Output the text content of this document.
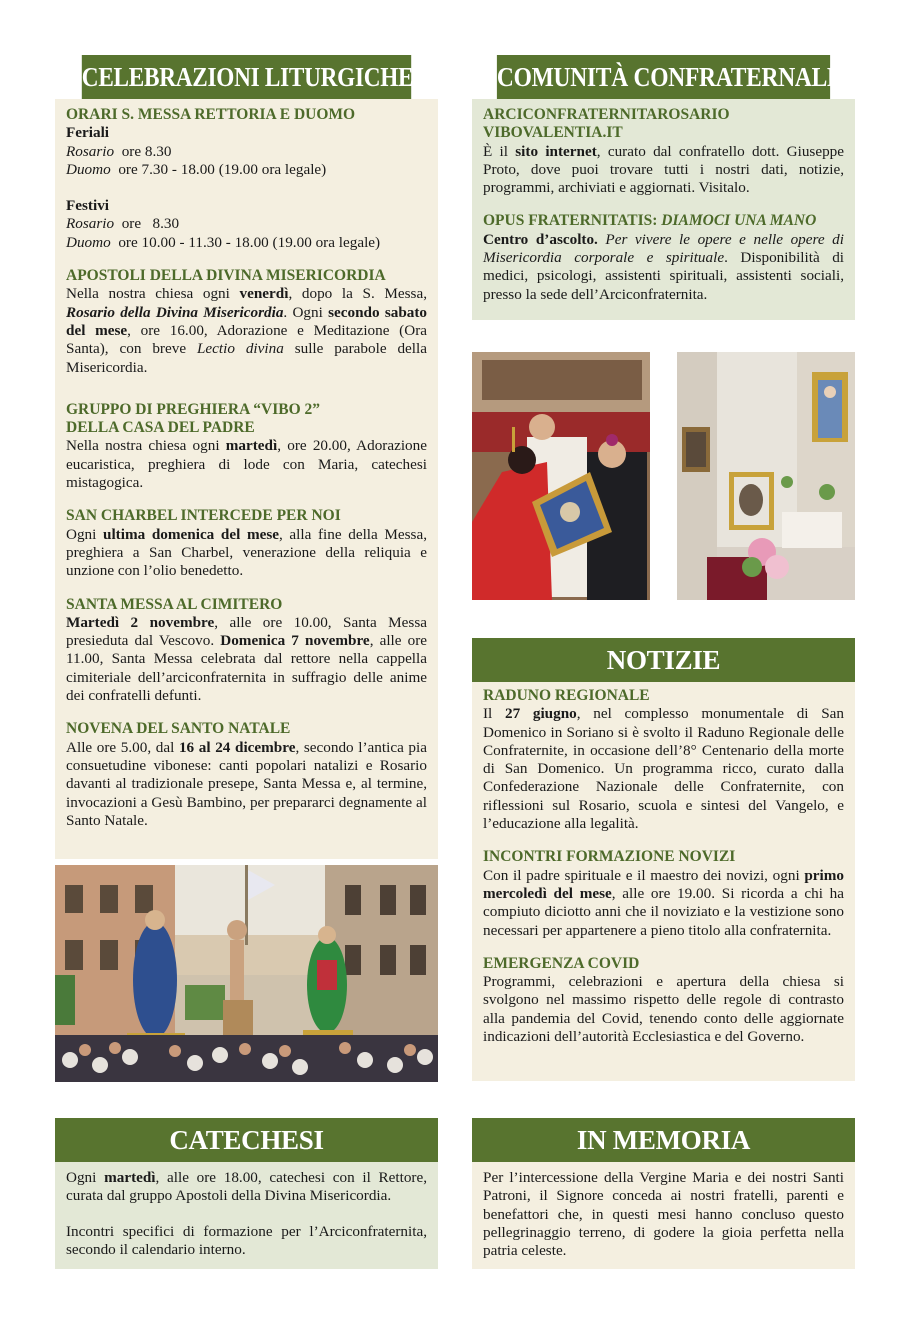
CELEBRAZIONI LITURGICHE
ORARI S. MESSA RETTORIA E DUOMO
Feriali
Rosario ore 8.30
Duomo ore 7.30 - 18.00 (19.00 ora legale)
Festivi
Rosario ore   8.30
Duomo ore 10.00 - 11.30 - 18.00 (19.00 ora legale)
APOSTOLI DELLA DIVINA MISERICORDIA
Nella nostra chiesa ogni venerdì, dopo la S. Messa, Rosario della Divina Misericordia. Ogni secondo sabato del mese, ore 16.00, Adorazione e Meditazione (Ora Santa), con breve Lectio divina sulle parabole della Misericordia.
GRUPPO DI PREGHIERA “VIBO 2”
DELLA CASA DEL PADRE
Nella nostra chiesa ogni martedì, ore 20.00, Adorazione eucaristica, preghiera di lode con Maria, catechesi mistagogica.
SAN CHARBEL INTERCEDE PER NOI
Ogni ultima domenica del mese, alla fine della Messa, preghiera a San Charbel, venerazione della reliquia e unzione con l’olio benedetto.
SANTA MESSA AL CIMITERO
Martedì 2 novembre, alle ore 10.00, Santa Messa presieduta dal Vescovo. Domenica 7 novembre, alle ore 11.00, Santa Messa celebrata dal rettore nella cappella cimiteriale dell’arciconfraternita in suffragio delle anime dei confratelli defunti.
NOVENA DEL SANTO NATALE
Alle ore 5.00, dal 16 al 24 dicembre, secondo l’antica pia consuetudine vibonese: canti popolari natalizi e Rosario davanti al tradizionale presepe, Santa Messa e, al termine, invocazioni a Gesù Bambino, per prepararci degnamente al Santo Natale.
COMUNITÀ CONFRATERNALE
ARCICONFRATERNITAROSARIO
VIBOVALENTIA.IT
È il sito internet, curato dal confratello dott. Giuseppe Proto, dove puoi trovare tutti i nostri dati, notizie, programmi, archiviati e aggiornati. Visitalo.
OPUS FRATERNITATIS: DIAMOCI UNA MANO
Centro d’ascolto. Per vivere le opere e nelle opere di Misericordia corporale e spirituale. Disponibilità di medici, psicologi, assistenti spirituali, assistenti sociali, presso la sede dell’Arciconfraternita.
NOTIZIE
RADUNO REGIONALE
Il 27 giugno, nel complesso monumentale di San Domenico in Soriano si è svolto il Raduno Regionale delle Confraternite, in occasione dell’8° Centenario della morte di San Domenico. Un programma ricco, curato dalla Confederazione Nazionale delle Confraternite, con riflessioni sul Rosario, scuola e sintesi del Vangelo, e l’educazione alla legalità.
INCONTRI FORMAZIONE NOVIZI
Con il padre spirituale e il maestro dei novizi, ogni primo mercoledì del mese, alle ore 19.00. Si ricorda a chi ha compiuto diciotto anni che il noviziato e la vestizione sono necessari per appartenere a pieno titolo alla confraternita.
EMERGENZA COVID
Programmi, celebrazioni e apertura della chiesa si svolgono nel massimo rispetto delle regole di contrasto alla pandemia del Covid, tenendo conto delle aggiornate indicazioni dell’autorità Ecclesiastica e del Governo.
CATECHESI
Ogni martedì, alle ore 18.00, catechesi con il Rettore, curata dal gruppo Apostoli della Divina Misericordia.
Incontri specifici di formazione per l’Arciconfraternita, secondo il calendario interno.
IN MEMORIA
Per l’intercessione della Vergine Maria e dei nostri Santi Patroni, il Signore conceda ai nostri fratelli, parenti e benefattori che, in questi mesi hanno concluso questo pellegrinaggio terreno, di godere la gioia perfetta nella patria celeste.
